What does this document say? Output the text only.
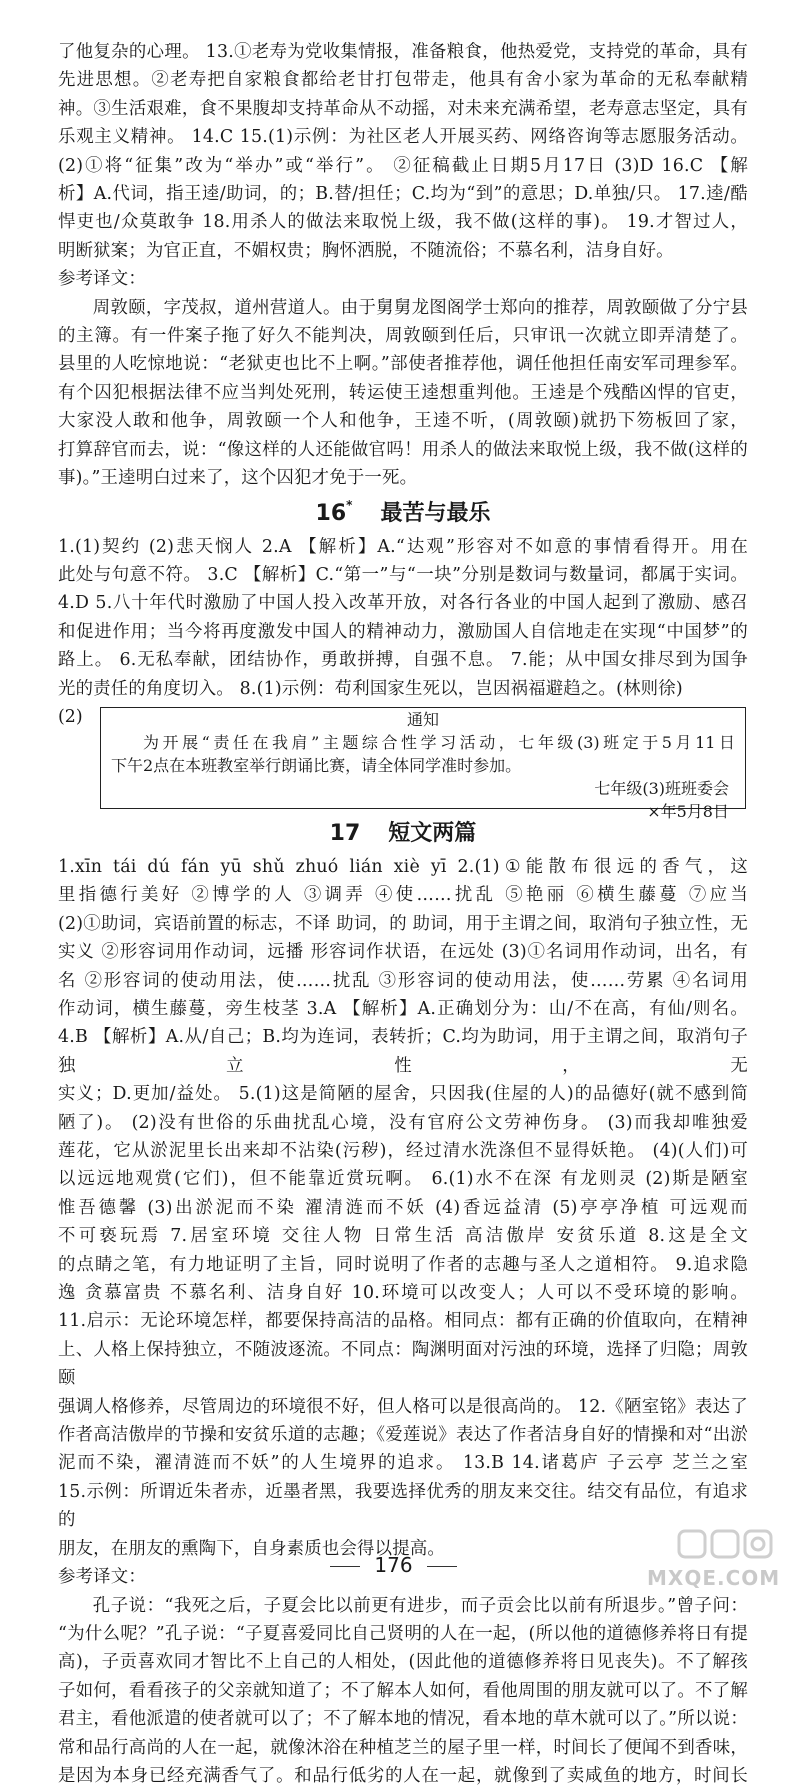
了他复杂的心理。 13.①老寿为党收集情报，准备粮食，他热爱党，支持党的革命，具有

先进思想。②老寿把自家粮食都给老甘打包带走，他具有舍小家为革命的无私奉献精

神。③生活艰难，食不果腹却支持革命从不动摇，对未来充满希望，老寿意志坚定，具有

乐观主义精神。 14.C 15.(1)示例：为社区老人开展买药、网络咨询等志愿服务活动。

(2)①将“征集”改为“举办”或“举行”。 ②征稿截止日期5月17日 (3)D 16.C 【解

析】A.代词，指王逵/助词，的；B.替/担任；C.均为“到”的意思；D.单独/只。 17.逵/酷

悍吏也/众莫敢争 18.用杀人的做法来取悦上级，我不做(这样的事)。 19.才智过人，

明断狱案；为官正直，不媚权贵；胸怀洒脱，不随流俗；不慕名利，洁身自好。

参考译文：

周敦颐，字茂叔，道州营道人。由于舅舅龙图阁学士郑向的推荐，周敦颐做了分宁县

的主簿。有一件案子拖了好久不能判决，周敦颐到任后，只审讯一次就立即弄清楚了。

县里的人吃惊地说：“老狱吏也比不上啊。”部使者推荐他，调任他担任南安军司理参军。

有个囚犯根据法律不应当判处死刑，转运使王逵想重判他。王逵是个残酷凶悍的官吏，

大家没人敢和他争，周敦颐一个人和他争，王逵不听，(周敦颐)就扔下笏板回了家，

打算辞官而去，说：“像这样的人还能做官吗！用杀人的做法来取悦上级，我不做(这样的

事)。”王逵明白过来了，这个囚犯才免于一死。

16* 最苦与最乐

1.(1)契约 (2)悲天悯人 2.A 【解析】A.“达观”形容对不如意的事情看得开。用在

此处与句意不符。 3.C 【解析】C.“第一”与“一块”分别是数词与数量词，都属于实词。

4.D 5.八十年代时激励了中国人投入改革开放，对各行各业的中国人起到了激励、感召

和促进作用；当今将再度激发中国人的精神动力，激励国人自信地走在实现“中国梦”的

路上。 6.无私奉献，团结协作，勇敢拼搏，自强不息。 7.能；从中国女排尽到为国争

光的责任的角度切入。 8.(1)示例：苟利国家生死以，岂因祸福避趋之。(林则徐)

(2)	通知
为开展“责任在我肩”主题综合性学习活动，七年级(3)班定于5月11日
下午2点在本班教室举行朗诵比赛，请全体同学准时参加。
七年级(3)班班委会
×年5月8日
17 短文两篇

1.xīn tái dú fán yū shǔ zhuó lián xiè yī 2.(1)①能散布很远的香气，这

里指德行美好 ②博学的人 ③调弄 ④使……扰乱 ⑤艳丽 ⑥横生藤蔓 ⑦应当

(2)①助词，宾语前置的标志，不译 助词，的 助词，用于主谓之间，取消句子独立性，无

实义 ②形容词用作动词，远播 形容词作状语，在远处 (3)①名词用作动词，出名，有

名 ②形容词的使动用法，使……扰乱 ③形容词的使动用法，使……劳累 ④名词用

作动词，横生藤蔓，旁生枝茎 3.A 【解析】A.正确划分为：山/不在高，有仙/则名。

4.B 【解析】A.从/自己；B.均为连词，表转折；C.均为助词，用于主谓之间，取消句子独立性，无

实义；D.更加/益处。 5.(1)这是简陋的屋舍，只因我(住屋的人)的品德好(就不感到简

陋了)。 (2)没有世俗的乐曲扰乱心境，没有官府公文劳神伤身。 (3)而我却唯独爱

莲花，它从淤泥里长出来却不沾染(污秽)，经过清水洗涤但不显得妖艳。 (4)(人们)可

以远远地观赏(它们)，但不能靠近赏玩啊。 6.(1)水不在深 有龙则灵 (2)斯是陋室

惟吾德馨 (3)出淤泥而不染 濯清涟而不妖 (4)香远益清 (5)亭亭净植 可远观而

不可亵玩焉 7.居室环境 交往人物 日常生活 高洁傲岸 安贫乐道 8.这是全文

的点睛之笔，有力地证明了主旨，同时说明了作者的志趣与圣人之道相符。 9.追求隐

逸 贪慕富贵 不慕名利、洁身自好 10.环境可以改变人；人可以不受环境的影响。

11.启示：无论环境怎样，都要保持高洁的品格。相同点：都有正确的价值取向，在精神

上、人格上保持独立，不随波逐流。不同点：陶渊明面对污浊的环境，选择了归隐；周敦颐

强调人格修养，尽管周边的环境很不好，但人格可以是很高尚的。 12.《陋室铭》表达了

作者高洁傲岸的节操和安贫乐道的志趣；《爱莲说》表达了作者洁身自好的情操和对“出淤

泥而不染，濯清涟而不妖”的人生境界的追求。 13.B 14.诸葛庐 子云亭 芝兰之室

15.示例：所谓近朱者赤，近墨者黑，我要选择优秀的朋友来交往。结交有品位，有追求的

朋友，在朋友的熏陶下，自身素质也会得以提高。

参考译文：

孔子说：“我死之后，子夏会比以前更有进步，而子贡会比以前有所退步。”曾子问：

“为什么呢？”孔子说：“子夏喜爱同比自己贤明的人在一起，(所以他的道德修养将日有提

高)，子贡喜欢同才智比不上自己的人相处，(因此他的道德修养将日见丧失)。不了解孩

子如何，看看孩子的父亲就知道了；不了解本人如何，看他周围的朋友就可以了。不了解

君主，看他派遣的使者就可以了；不了解本地的情况，看本地的草木就可以了。”所以说：

常和品行高尚的人在一起，就像沐浴在种植芝兰的屋子里一样，时间长了便闻不到香味，

是因为本身已经充满香气了。和品行低劣的人在一起，就像到了卖咸鱼的地方，时间长

176
MXQE.COM
